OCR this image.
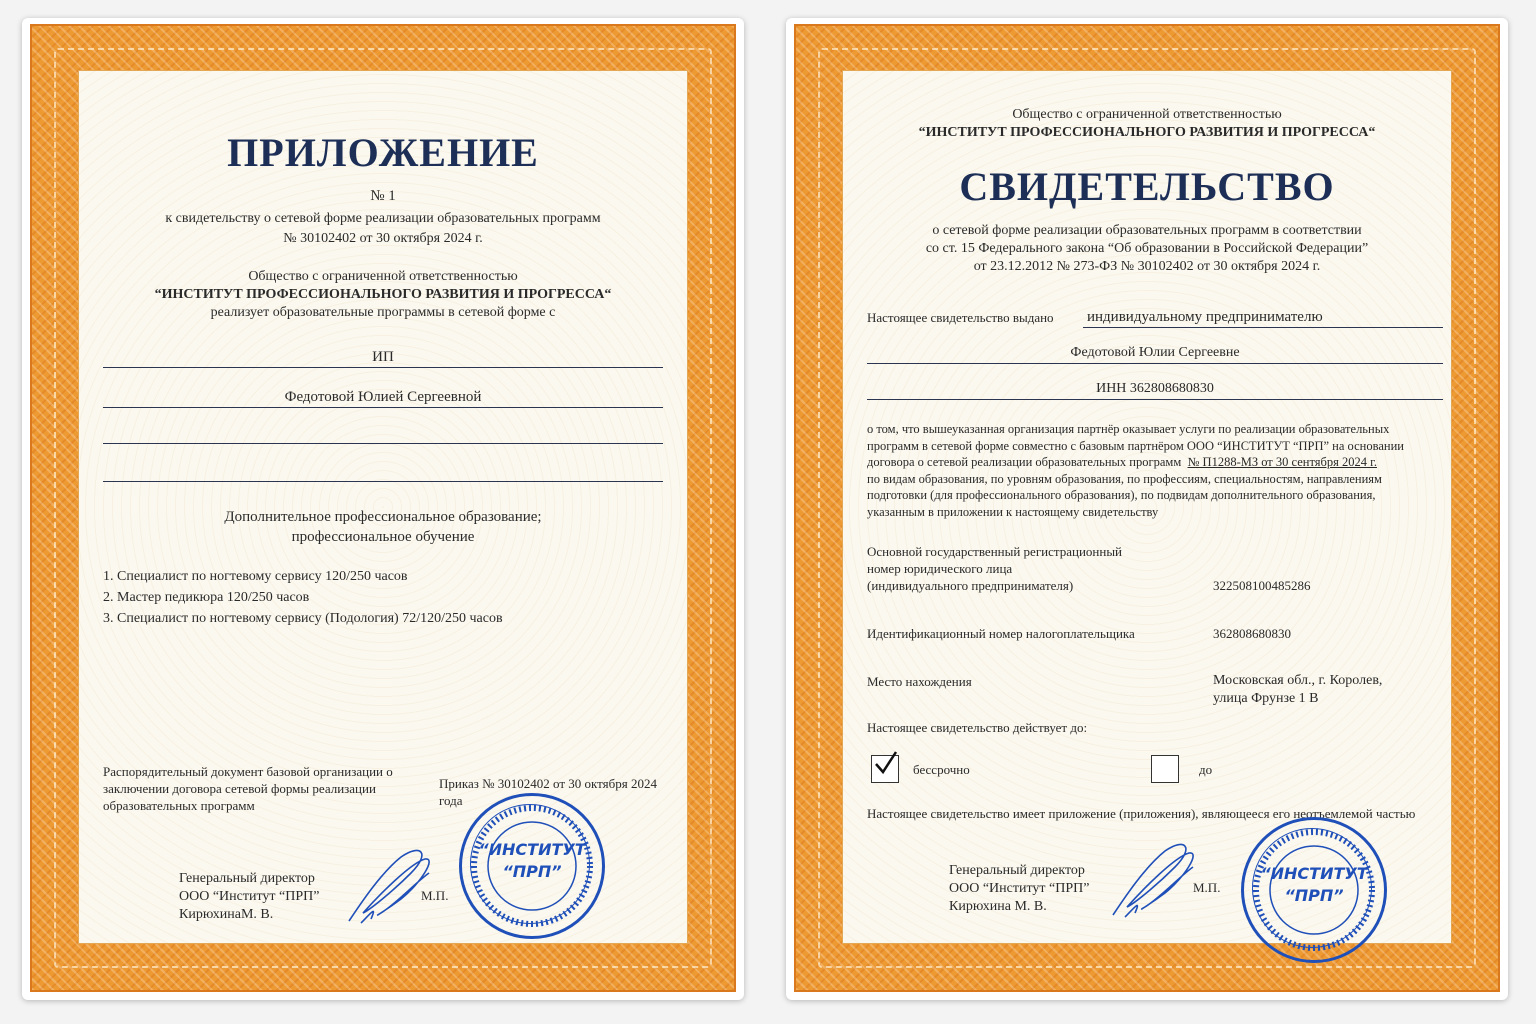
ПРИЛОЖЕНИЕ
№ 1
к свидетельству о сетевой форме реализации образовательных программ
№ 30102402 от 30 октября 2024 г.
Общество с ограниченной ответственностью
“ИНСТИТУТ ПРОФЕССИОНАЛЬНОГО РАЗВИТИЯ И ПРОГРЕССА“
реализует образовательные программы в сетевой форме с
ИП
Федотовой Юлией Сергеевной
Дополнительное профессиональное образование;
профессиональное обучение
1. Специалист по ногтевому сервису 120/250 часов
2. Мастер педикюра 120/250 часов
3. Специалист по ногтевому сервису (Подология) 72/120/250 часов
Распорядительный документ базовой организации о заключении договора сетевой формы реализации образовательных программ
Приказ № 30102402 от 30 октября 2024 года
Генеральный директор
ООО “Институт “ПРП”
КирюхинаМ. В.
М.П.
“ИНСТИТУТ
“ПРП”
Общество с ограниченной ответственностью
“ИНСТИТУТ ПРОФЕССИОНАЛЬНОГО РАЗВИТИЯ И ПРОГРЕССА“
СВИДЕТЕЛЬСТВО
о сетевой форме реализации образовательных программ в соответствии
со ст. 15 Федерального закона “Об образовании в Российской Федерации”
от 23.12.2012 № 273-ФЗ № 30102402 от 30 октября 2024 г.
Настоящее свидетельство выдано индивидуальному предпринимателю
Федотовой Юлии Сергеевне
ИНН 362808680830
о том, что вышеуказанная организация партнёр оказывает услуги по реализации образовательных
программ в сетевой форме совместно с базовым партнёром ООО “ИНСТИТУТ “ПРП” на основании
договора о сетевой реализации образовательных программ № П1288-МЗ от 30 сентября 2024 г.
по видам образования, по уровням образования, по профессиям, специальностям, направлениям
подготовки (для профессионального образования), по подвидам дополнительного образования,
указанным в приложении к настоящему свидетельству
Основной государственный регистрационный
номер юридического лица
(индивидуального предпринимателя)	322508100485286
Идентификационный номер налогоплательщика	362808680830
Место нахождения	Московская обл., г. Королев,
улица Фрунзе 1 В
Настоящее свидетельство действует до:
бессрочно	до
Настоящее свидетельство имеет приложение (приложения), являющееся его неотъемлемой частью
Генеральный директор
ООО “Институт “ПРП”
Кирюхина М. В.
М.П.
“ИНСТИТУТ
“ПРП”
